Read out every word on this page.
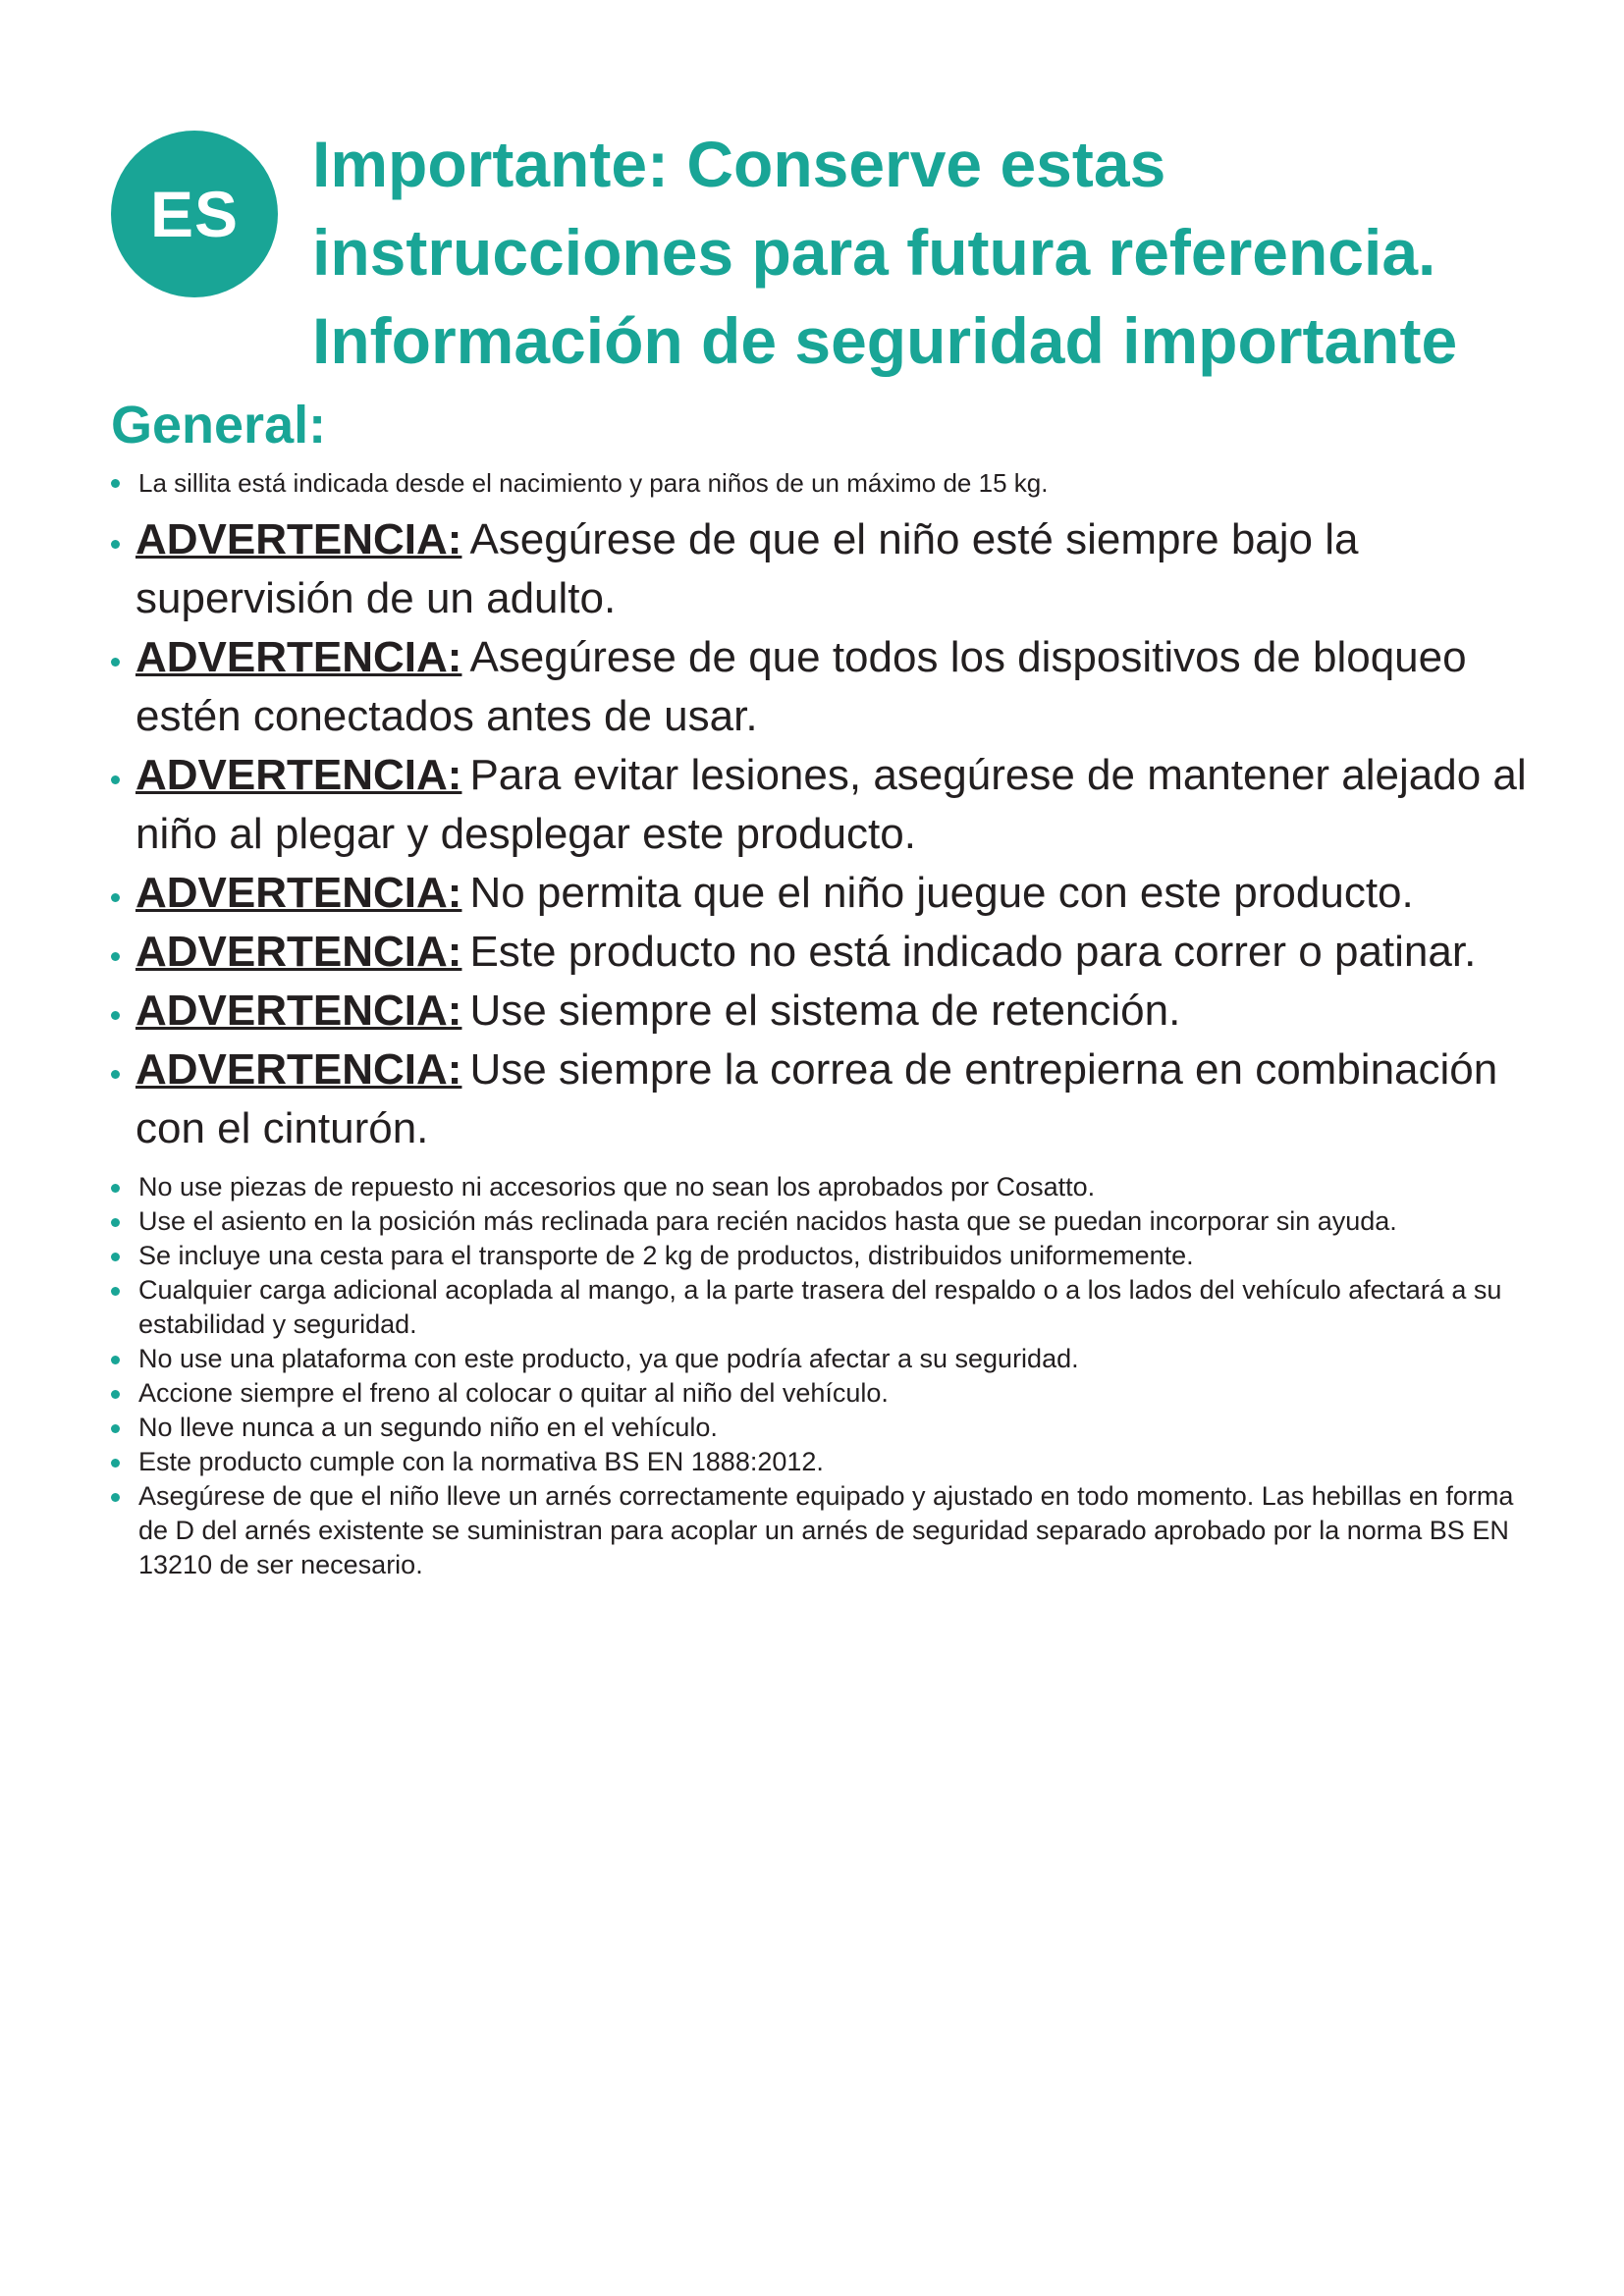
ES
Importante: Conserve estas
instrucciones para futura referencia.
Información de seguridad importante
General:
La sillita está indicada desde el nacimiento y para niños de un máximo de 15 kg.
ADVERTENCIA: Asegúrese de que el niño esté siempre bajo la supervisión de un adulto.
ADVERTENCIA: Asegúrese de que todos los dispositivos de bloqueo estén conectados antes de usar.
ADVERTENCIA: Para evitar lesiones, asegúrese de mantener alejado al niño al plegar y desplegar este producto.
ADVERTENCIA: No permita que el niño juegue con este producto.
ADVERTENCIA: Este producto no está indicado para correr o patinar.
ADVERTENCIA: Use siempre el sistema de retención.
ADVERTENCIA: Use siempre la correa de entrepierna en combinación con el cinturón.
No use piezas de repuesto ni accesorios que no sean los aprobados por Cosatto.
Use el asiento en la posición más reclinada para recién nacidos hasta que se puedan incorporar sin ayuda.
Se incluye una cesta para el transporte de 2 kg de productos, distribuidos uniformemente.
Cualquier carga adicional acoplada al mango, a la parte trasera del respaldo o a los lados del vehículo afectará a su estabilidad y seguridad.
No use una plataforma con este producto, ya que podría afectar a su seguridad.
Accione siempre el freno al colocar o quitar al niño del vehículo.
No lleve nunca a un segundo niño en el vehículo.
Este producto cumple con la normativa BS EN 1888:2012.
Asegúrese de que el niño lleve un arnés correctamente equipado y ajustado en todo momento. Las hebillas en forma de D del arnés existente se suministran para acoplar un arnés de seguridad separado aprobado por la norma BS EN 13210 de ser necesario.
